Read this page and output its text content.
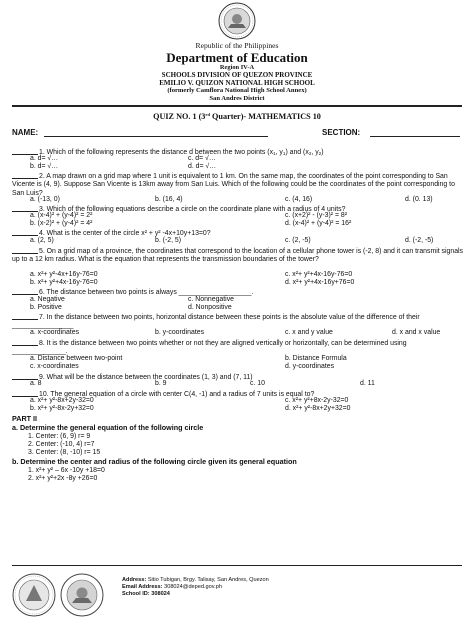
Republic of the Philippines
Department of Education
Region IV-A
SCHOOLS DIVISION OF QUEZON PROVINCE
EMILIO V. QUIZON NATIONAL HIGH SCHOOL
(formerly Camflora National High School Annex)
San Andres District
QUIZ NO. 1 (3rd Quarter)- MATHEMATICS 10
NAME:	SECTION:
1. Which of the following represents the distance d between the two points ($x_1$, $y_1$) and ($x_2$, $y_2$)
a. d= √…	c. d= √…
b. d= √…	d. d= √…
2. A map drawn on a grid map where 1 unit is equivalent to 1 km. On the same map, the coordinates of the point corresponding to San Vicente is (4, 9). Suppose San Vicente is 13km away from San Luis. Which of the following could be the coordinates of the point corresponding to San Luis?
a. (-13, 0)	b. (16, 4)	c. (4, 16)	d. (0. 13)
3. Which of the following equations describe a circle on the coordinate plane with a radius of 4 units?
a. (x-4)² + (y-4)² = 2²	c. (x+2)² - (y-3)² = 8²
b. (x-2)² + (y-4)² = 4²	d. (x-4)² + (y-4)² = 16²
4. What is the center of the circle x² + y² -4x+10y+13=0?
a. (2, 5)	b. (-2, 5)	c. (2, -5)	d. (-2, -5)
5. On a grid map of a province, the coordinates that correspond to the location of a cellular phone tower is (-2, 8) and it can transmit signals up to a 12 km radius. What is the equation that represents the transmission boundaries of the tower?
a. x²+ y²-4x+16y-76=0	c. x²+ y²+4x-16y-76=0
b. x²+ y²+4x-16y-76=0	d. x²+ y²+4x-16y+76=0
6. The distance between two points is always ___________________.
a. Negative	c. Nonnegative
b. Positive	d. Nonpositive
7. In the distance between two points, horizontal distance between these points is the absolute value of the difference of their ________________
a. x-coordinates	b. y-coordinates	c. x and y value	d. x and x value
8. It is the distance between two points whether or not they are aligned vertically or horizontally, can be determined using ______________.
a. Distance between two-point	b. Distance Formula
c. x-coordinates	d. y-coordinates
9. What will be the distance between the coordinates (1, 3) and (7, 11)
a. 8	b. 9	c. 10	d. 11
10. The general equation of a circle with center C(4, -1) and a radius of 7 units is equal to?
a. x²+ y²-8x+2y-32=0	c. x²+ y²+8x-2y-32=0
b. x²+ y²-8x-2y+32=0	d. x²+ y²-8x+2y+32=0
PART II
a. Determine the general equation of the following circle
1. Center: (6, 9) r= 9
2. Center: (-10, 4) r=7
3. Center: (8, -10) r= 15
b. Determine the center and radius of the following circle given its general equation
1. x²+ y² – 6x -10y +18=0
2. x²+ y²+2x -8y +26=0
Address: Sitio Tubigan, Brgy. Talisay, San Andres, Quezon
Email Address: 308024@deped.gov.ph
School ID: 308024
